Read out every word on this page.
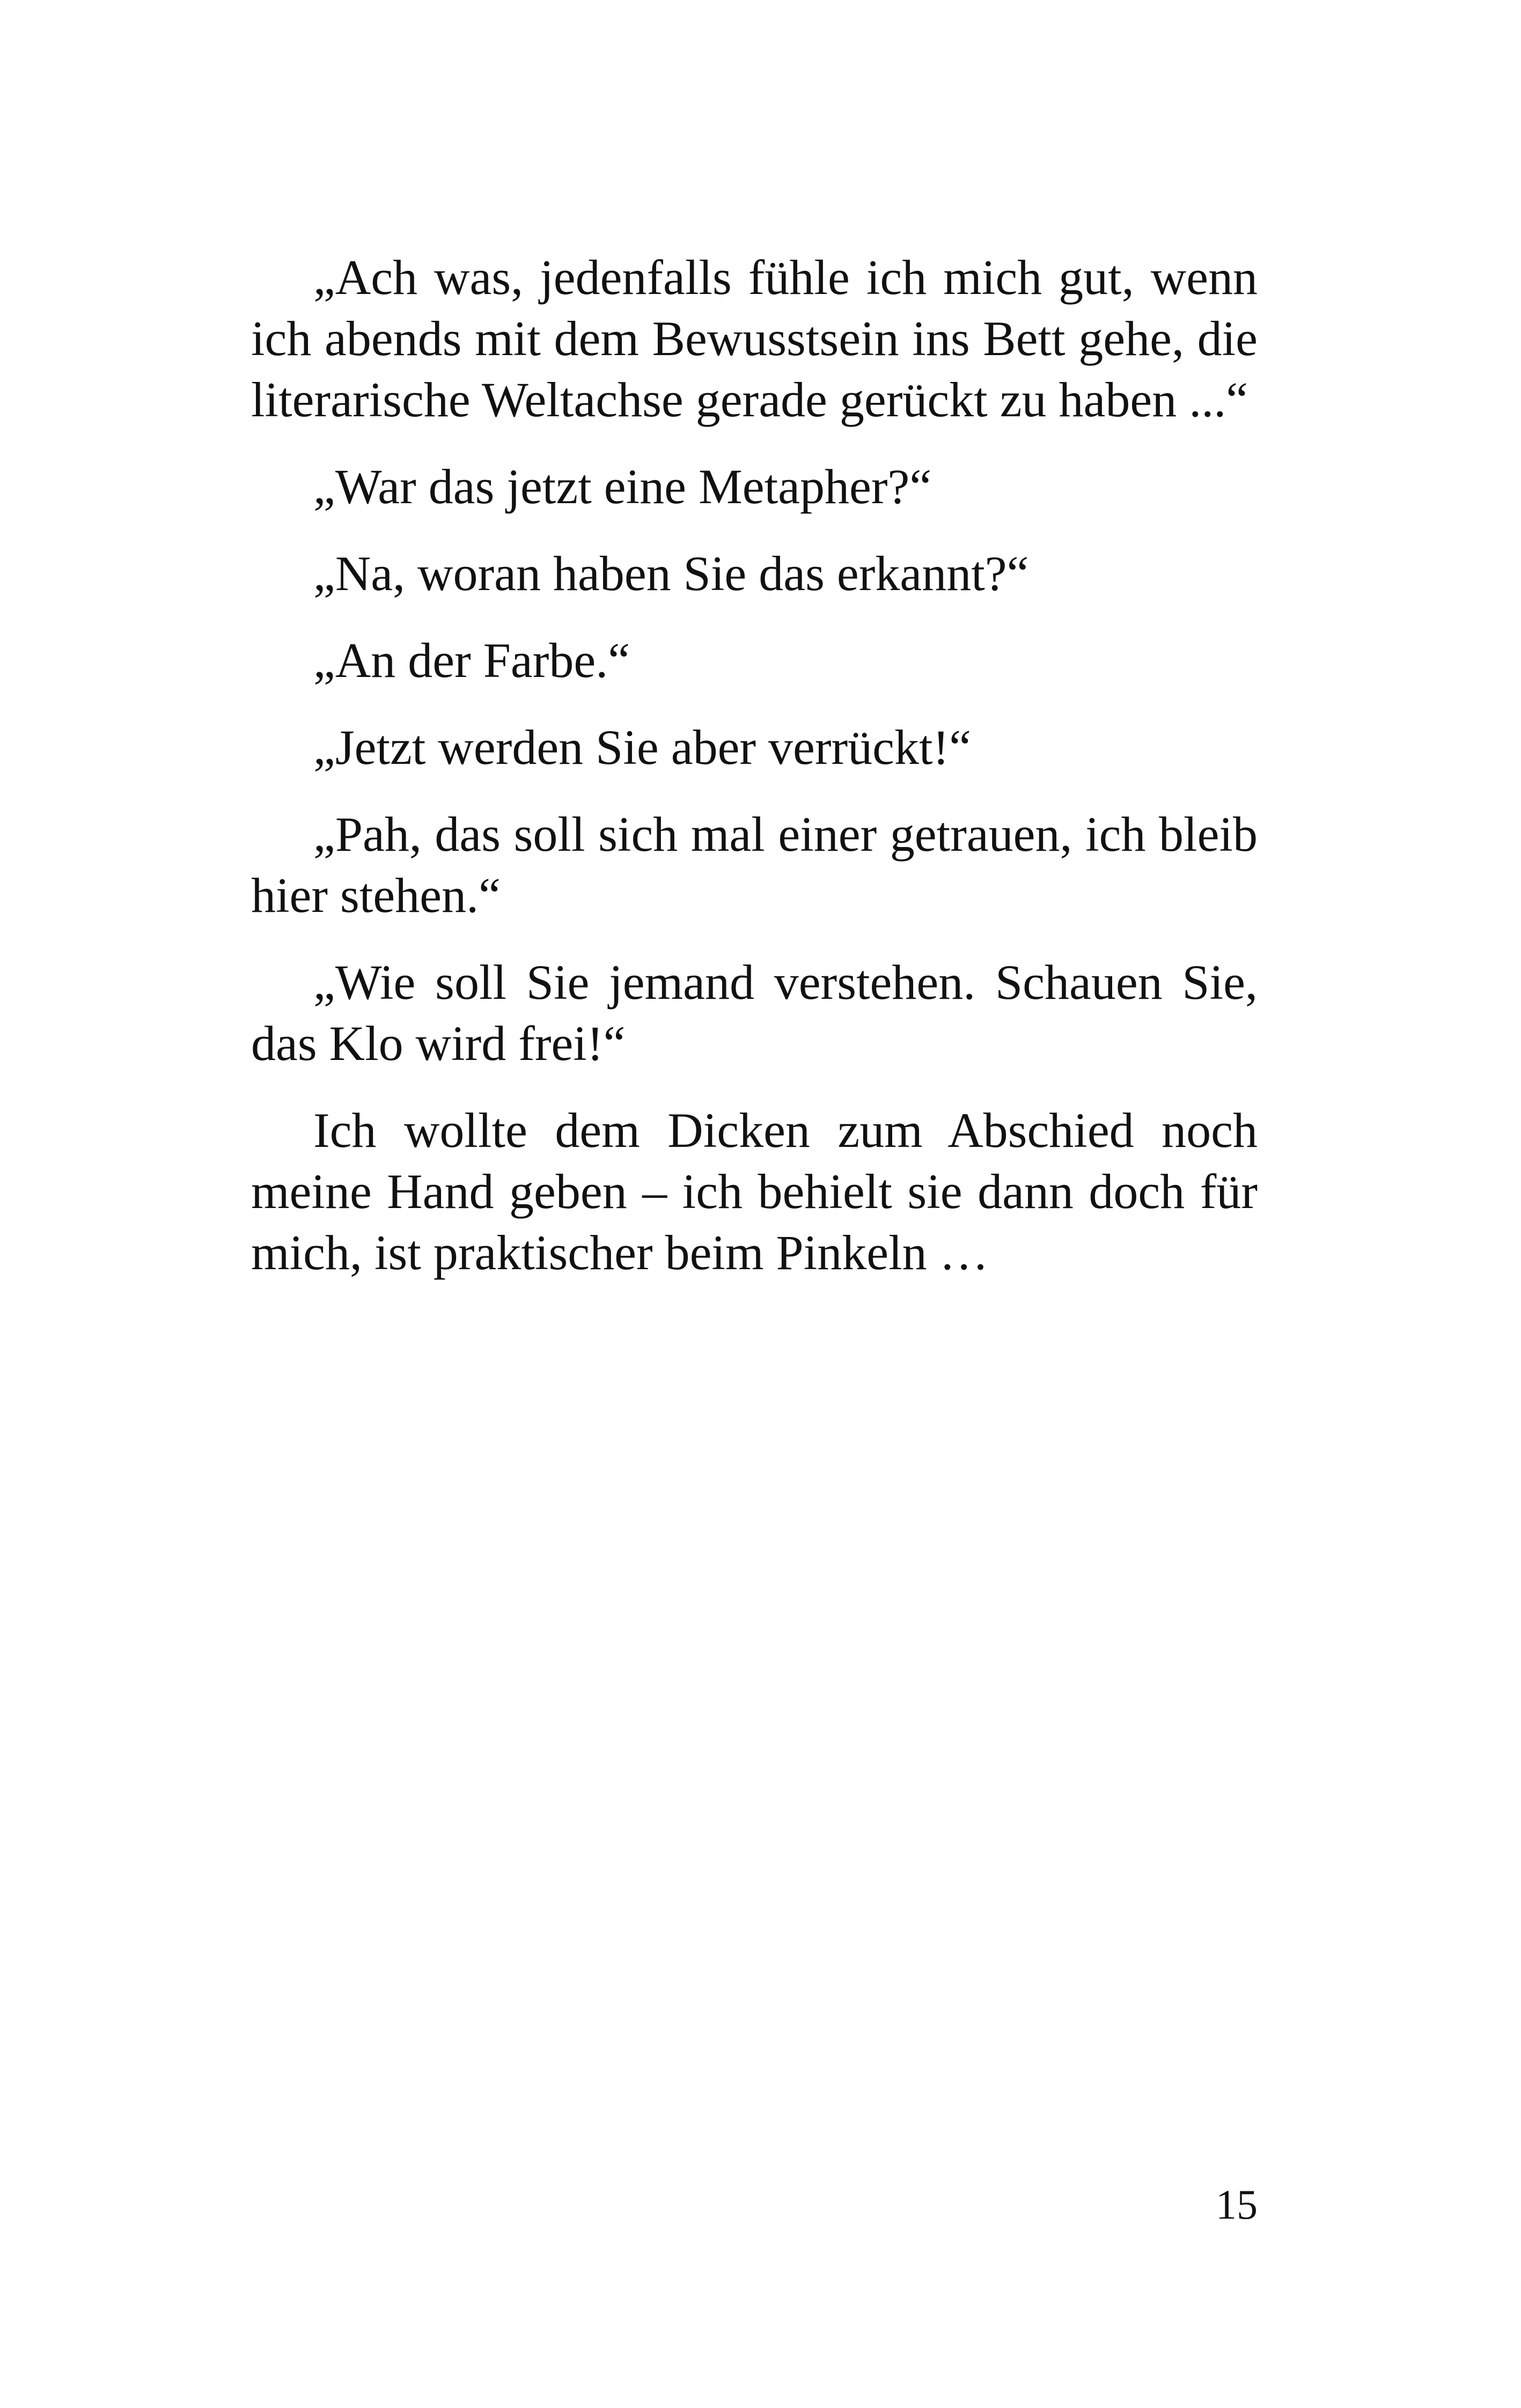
„Ach was, jedenfalls fühle ich mich gut, wenn ich abends mit dem Bewusstsein ins Bett gehe, die literarische Weltachse gerade gerückt zu haben ...“

„War das jetzt eine Metapher?“

„Na, woran haben Sie das erkannt?“

„An der Farbe.“

„Jetzt werden Sie aber verrückt!“

„Pah, das soll sich mal einer getrauen, ich bleib hier stehen.“

„Wie soll Sie jemand verstehen. Schauen Sie, das Klo wird frei!“

Ich wollte dem Dicken zum Abschied noch meine Hand geben – ich behielt sie dann doch für mich, ist praktischer beim Pinkeln …

15
